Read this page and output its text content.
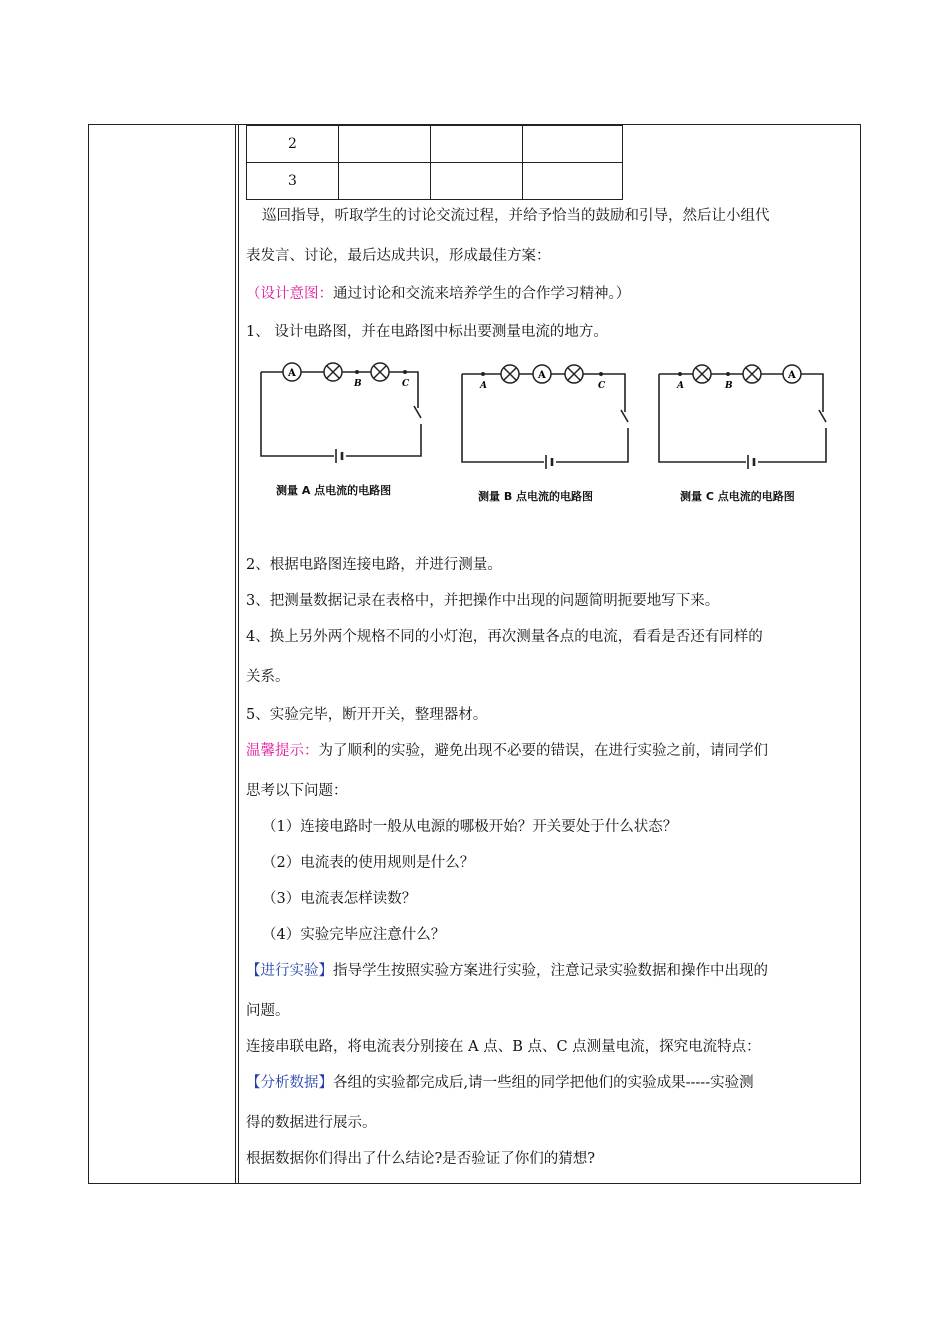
2			
3			
巡回指导，听取学生的讨论交流过程，并给予恰当的鼓励和引导，然后让小组代
表发言、讨论，最后达成共识，形成最佳方案：
（设计意图：通过讨论和交流来培养学生的合作学习精神。）
1、 设计电路图，并在电路图中标出要测量电流的地方。
A
B	C
测量 A 点电流的电路图
A
A	C
测量 B 点电流的电路图
A
A	B
测量 C 点电流的电路图
2、根据电路图连接电路，并进行测量。
3、把测量数据记录在表格中，并把操作中出现的问题简明扼要地写下来。
4、换上另外两个规格不同的小灯泡，再次测量各点的电流，看看是否还有同样的
关系。
5、实验完毕，断开开关，整理器材。
温馨提示：为了顺利的实验，避免出现不必要的错误，在进行实验之前，请同学们
思考以下问题：
（1）连接电路时一般从电源的哪极开始？开关要处于什么状态？
（2）电流表的使用规则是什么？
（3）电流表怎样读数？
（4）实验完毕应注意什么？
【进行实验】指导学生按照实验方案进行实验，注意记录实验数据和操作中出现的
问题。
连接串联电路，将电流表分别接在 A 点、B 点、C 点测量电流，探究电流特点：
【分析数据】各组的实验都完成后,请一些组的同学把他们的实验成果-----实验测
得的数据进行展示。
根据数据你们得出了什么结论?是否验证了你们的猜想?
